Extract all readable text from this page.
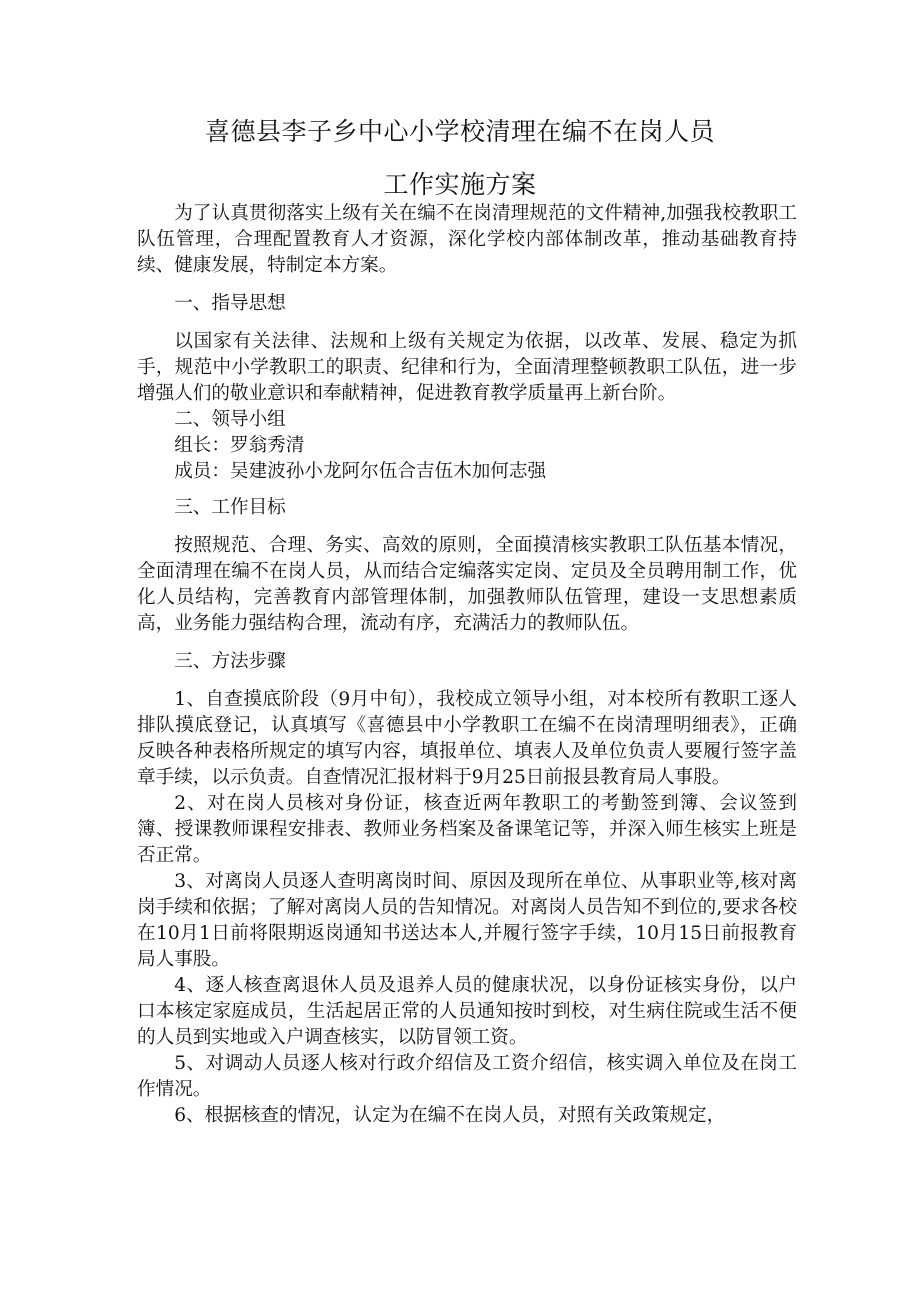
喜德县李子乡中心小学校清理在编不在岗人员
工作实施方案

为了认真贯彻落实上级有关在编不在岗清理规范的文件精神,加强我校教职工队伍管理，合理配置教育人才资源，深化学校内部体制改革，推动基础教育持续、健康发展，特制定本方案。

一、指导思想

以国家有关法律、法规和上级有关规定为依据，以改革、发展、稳定为抓手，规范中小学教职工的职责、纪律和行为，全面清理整顿教职工队伍，进一步增强人们的敬业意识和奉献精神，促进教育教学质量再上新台阶。

二、领导小组

组长：罗翁秀清

成员：吴建波孙小龙阿尔伍合吉伍木加何志强

三、工作目标

按照规范、合理、务实、高效的原则，全面摸清核实教职工队伍基本情况，全面清理在编不在岗人员，从而结合定编落实定岗、定员及全员聘用制工作，优化人员结构，完善教育内部管理体制，加强教师队伍管理，建设一支思想素质高，业务能力强结构合理，流动有序，充满活力的教师队伍。

三、方法步骤

1、自查摸底阶段（9月中旬），我校成立领导小组，对本校所有教职工逐人排队摸底登记，认真填写《喜德县中小学教职工在编不在岗清理明细表》，正确反映各种表格所规定的填写内容，填报单位、填表人及单位负责人要履行签字盖章手续，以示负责。自查情况汇报材料于9月25日前报县教育局人事股。

2、对在岗人员核对身份证，核查近两年教职工的考勤签到簿、会议签到簿、授课教师课程安排表、教师业务档案及备课笔记等，并深入师生核实上班是否正常。

3、对离岗人员逐人查明离岗时间、原因及现所在单位、从事职业等,核对离岗手续和依据；了解对离岗人员的告知情况。对离岗人员告知不到位的,要求各校在10月1日前将限期返岗通知书送达本人,并履行签字手续，10月15日前报教育局人事股。

4、逐人核查离退休人员及退养人员的健康状况，以身份证核实身份，以户口本核定家庭成员，生活起居正常的人员通知按时到校，对生病住院或生活不便的人员到实地或入户调查核实，以防冒领工资。

5、对调动人员逐人核对行政介绍信及工资介绍信，核实调入单位及在岗工作情况。

6、根据核查的情况，认定为在编不在岗人员，对照有关政策规定，
